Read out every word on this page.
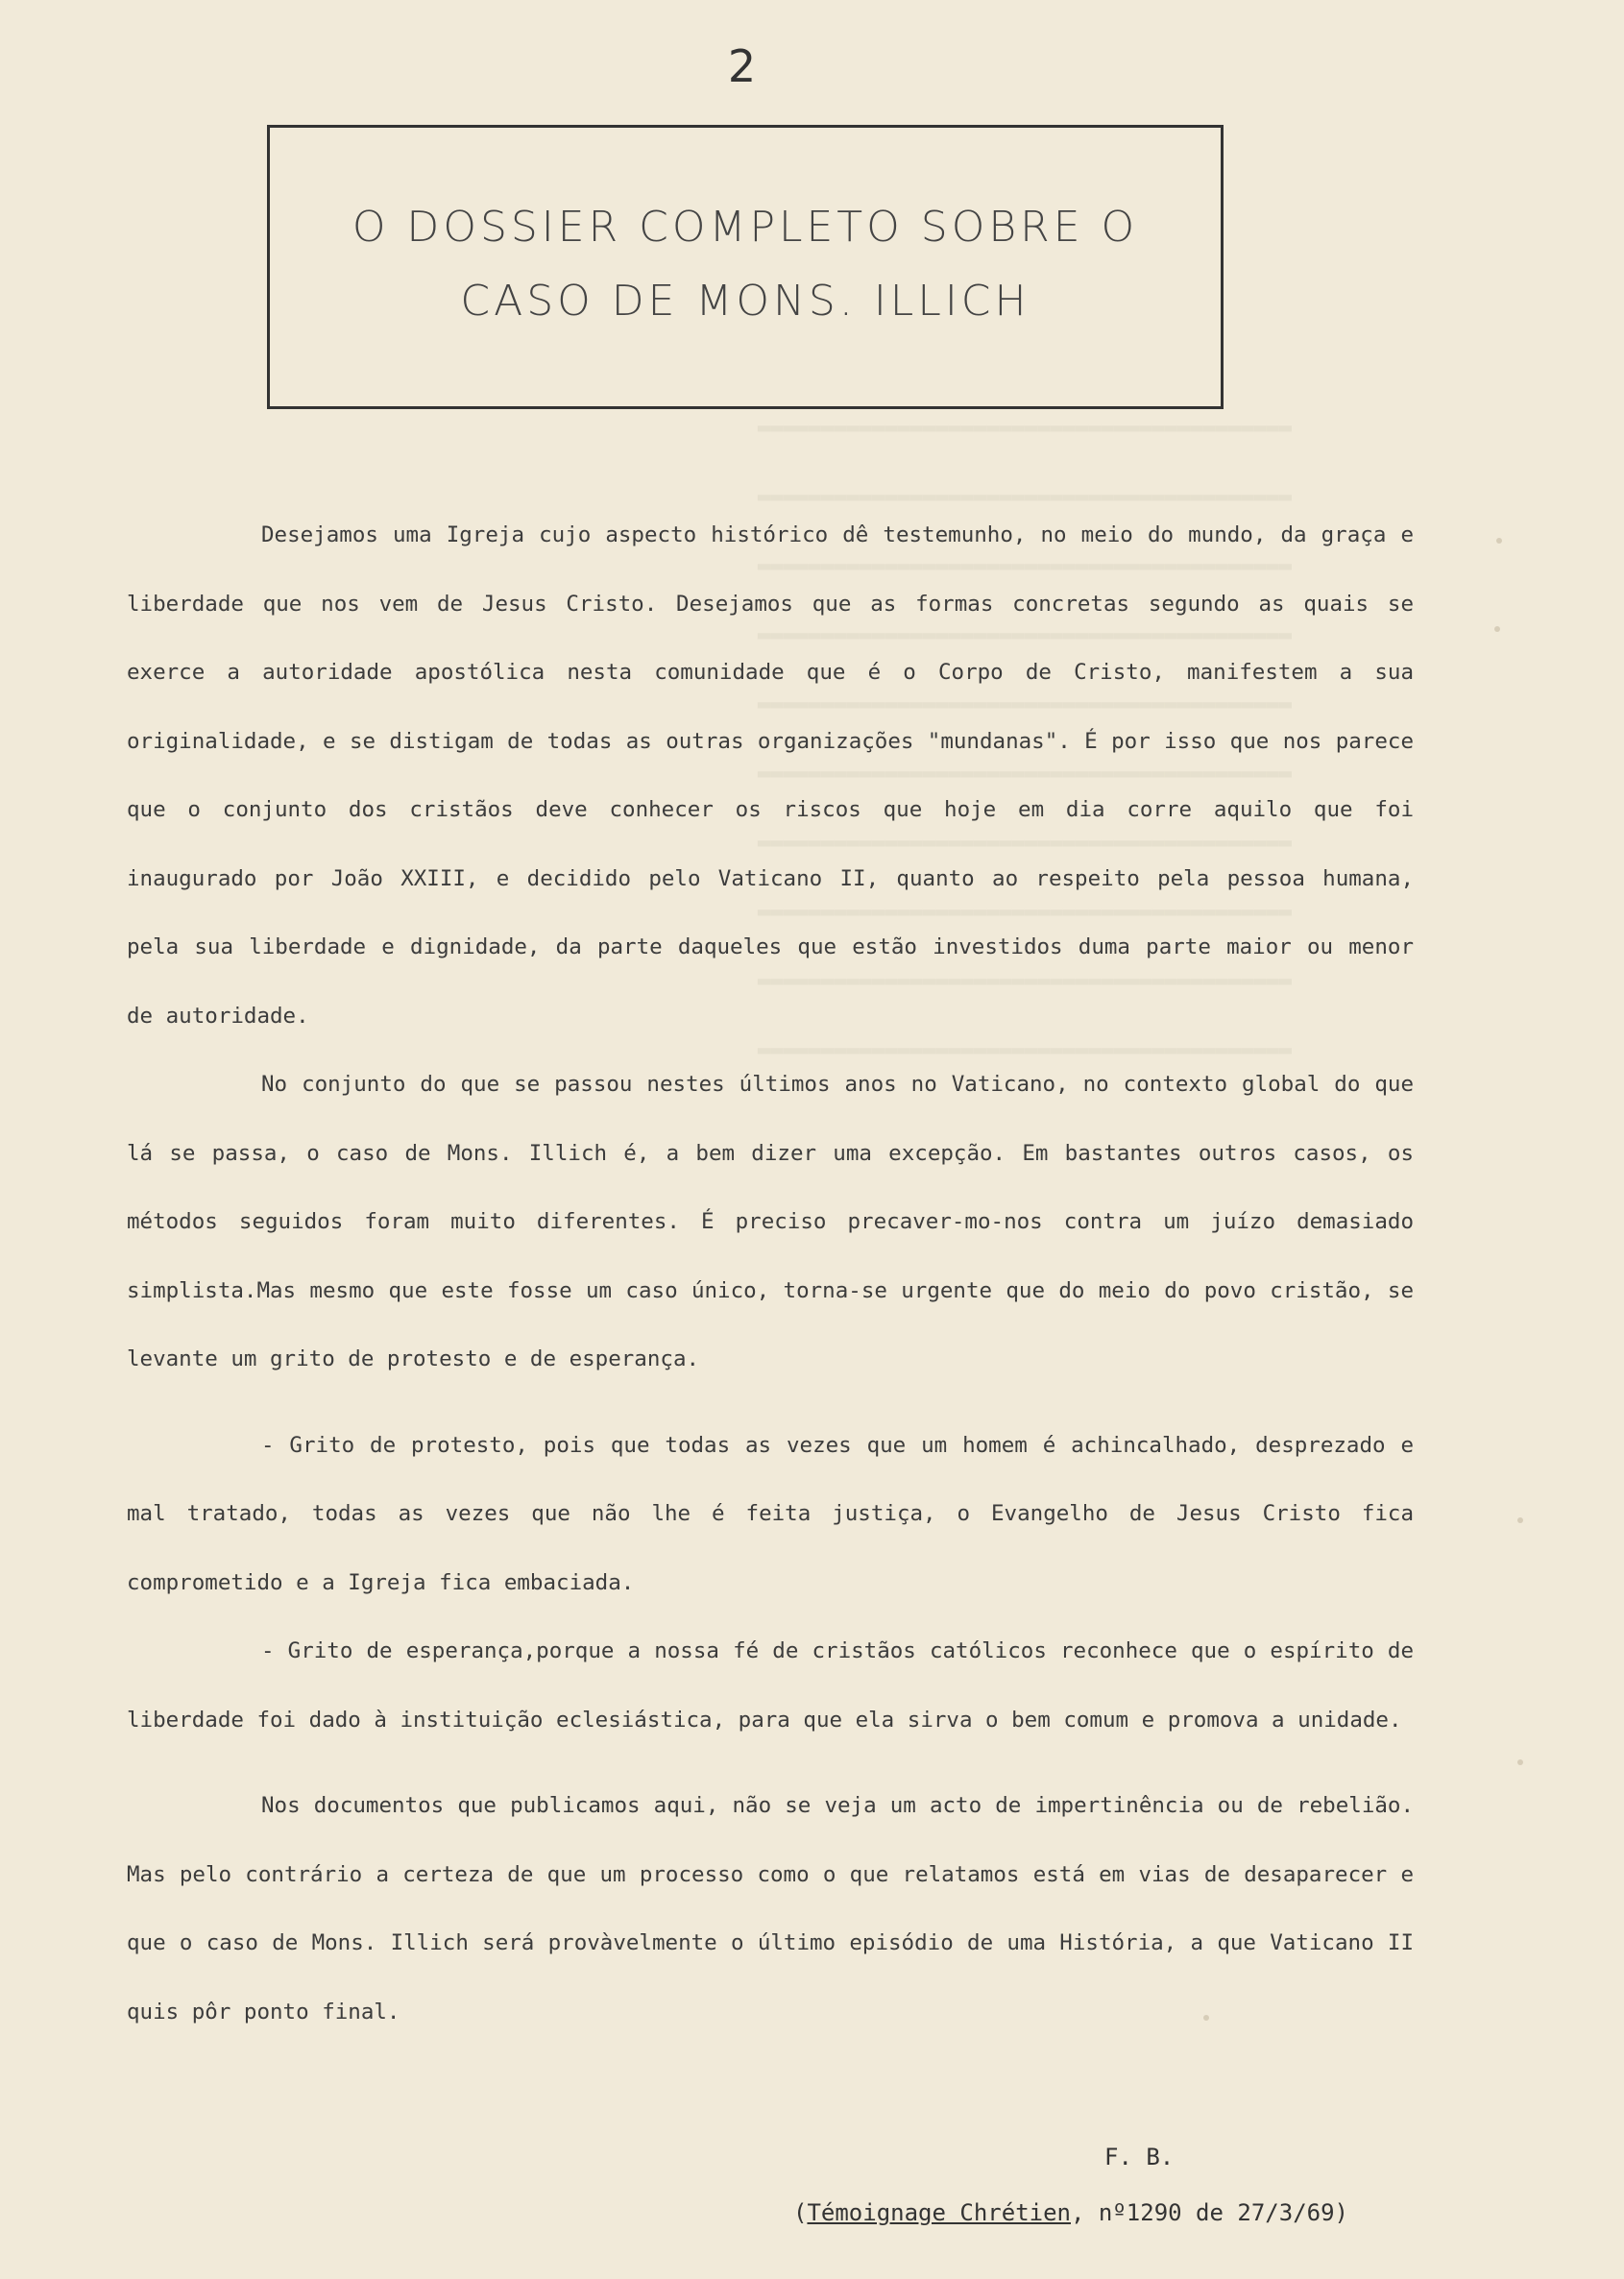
▬▬▬▬▬▬▬▬▬▬▬▬▬▬▬▬▬▬▬▬▬▬▬▬▬▬▬▬▬▬▬▬▬▬▬▬▬▬▬▬▬▬
▬▬▬▬▬▬▬▬▬▬▬▬▬▬▬▬▬▬▬▬▬▬▬▬▬▬▬▬▬▬▬▬▬▬▬▬▬▬▬▬▬▬
▬▬▬▬▬▬▬▬▬▬▬▬▬▬▬▬▬▬▬▬▬▬▬▬▬▬▬▬▬▬▬▬▬▬▬▬▬▬▬▬▬▬
▬▬▬▬▬▬▬▬▬▬▬▬▬▬▬▬▬▬▬▬▬▬▬▬▬▬▬▬▬▬▬▬▬▬▬▬▬▬▬▬▬▬
▬▬▬▬▬▬▬▬▬▬▬▬▬▬▬▬▬▬▬▬▬▬▬▬▬▬▬▬▬▬▬▬▬▬▬▬▬▬▬▬▬▬
▬▬▬▬▬▬▬▬▬▬▬▬▬▬▬▬▬▬▬▬▬▬▬▬▬▬▬▬▬▬▬▬▬▬▬▬▬▬▬▬▬▬
▬▬▬▬▬▬▬▬▬▬▬▬▬▬▬▬▬▬▬▬▬▬▬▬▬▬▬▬▬▬▬▬▬▬▬▬▬▬▬▬▬▬
▬▬▬▬▬▬▬▬▬▬▬▬▬▬▬▬▬▬▬▬▬▬▬▬▬▬▬▬▬▬▬▬▬▬▬▬▬▬▬▬▬▬
▬▬▬▬▬▬▬▬▬▬▬▬▬▬▬▬▬▬▬▬▬▬▬▬▬▬▬▬▬▬▬▬▬▬▬▬▬▬▬▬▬▬
▬▬▬▬▬▬▬▬▬▬▬▬▬▬▬▬▬▬▬▬▬▬▬▬▬▬▬▬▬▬▬▬▬▬▬▬▬▬▬▬▬▬
2
O DOSSIER COMPLETO SOBRE O
CASO DE MONS. ILLICH

Desejamos uma Igreja cujo aspecto histórico dê testemunho, no meio do mundo, da graça e liberdade que nos vem de Jesus Cristo. Desejamos que as formas concretas segundo as quais se exerce a autoridade apostólica nesta comunidade que é o Corpo de Cristo, manifestem a sua originalidade, e se distigam de todas as outras organizações "mundanas". É por isso que nos parece que o conjunto dos cristãos deve conhecer os riscos que hoje em dia corre aquilo que foi inaugurado por João XXIII, e decidido pelo Vaticano II, quanto ao respeito pela pessoa humana, pela sua liberdade e dignidade, da parte daqueles que estão investidos duma parte maior ou menor de autoridade.

No conjunto do que se passou nestes últimos anos no Vaticano, no contexto global do que lá se passa, o caso de Mons. Illich é, a bem dizer uma excepção. Em bastantes outros casos, os métodos seguidos foram muito diferentes. É preciso precaver-mo-nos contra um juízo demasiado simplista.Mas mesmo que este fosse um caso único, torna-se urgente que do meio do povo cristão, se levante um grito de protesto e de esperança.

- Grito de protesto, pois que todas as vezes que um homem é achincalhado, desprezado e mal tratado, todas as vezes que não lhe é feita justiça, o Evangelho de Jesus Cristo fica comprometido e a Igreja fica embaciada.

- Grito de esperança,porque a nossa fé de cristãos católicos reconhece que o espírito de liberdade foi dado à instituição eclesiástica, para que ela sirva o bem comum e promova a unidade.

Nos documentos que publicamos aqui, não se veja um acto de impertinência ou de rebelião. Mas pelo contrário a certeza de que um processo como o que relatamos está em vias de desaparecer e que o caso de Mons. Illich será provàvelmente o último episódio de uma História, a que Vaticano II quis pôr ponto final.

F. B.
(Témoignage Chrétien, nº1290 de 27/3/69)
